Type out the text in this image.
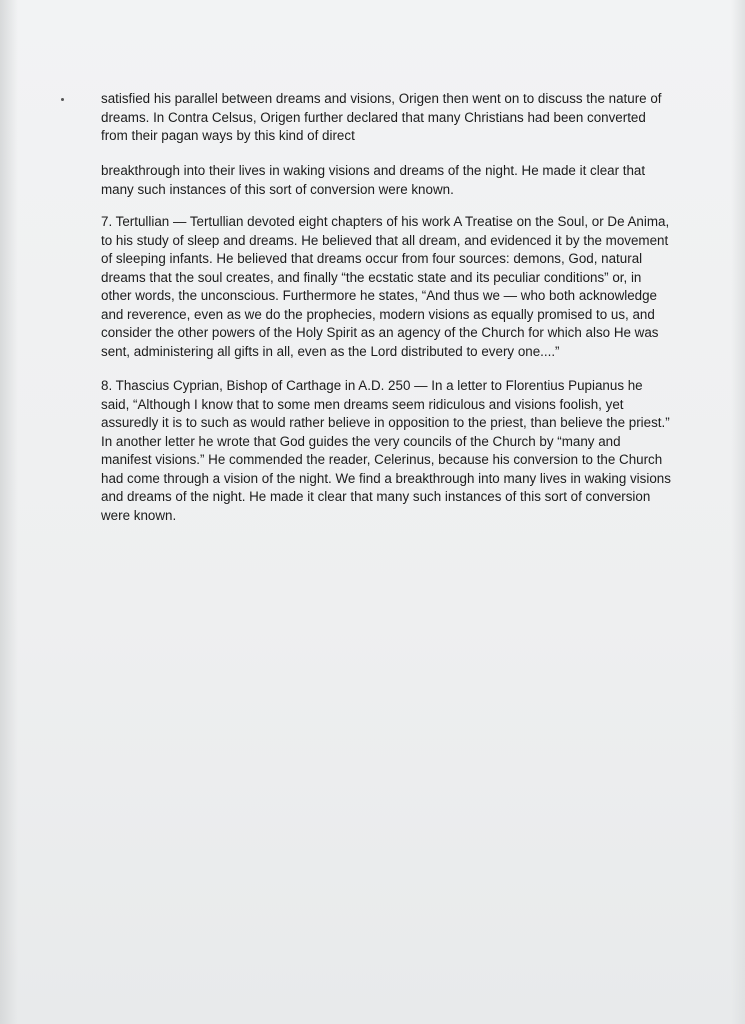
satisfied his parallel between dreams and visions, Origen then went on to discuss the nature of dreams. In Contra Celsus, Origen further declared that many Christians had been converted from their pagan ways by this kind of direct

breakthrough into their lives in waking visions and dreams of the night. He made it clear that many such instances of this sort of conversion were known.

7. Tertullian — Tertullian devoted eight chapters of his work A Treatise on the Soul, or De Anima, to his study of sleep and dreams. He believed that all dream, and evidenced it by the movement of sleeping infants. He believed that dreams occur from four sources: demons, God, natural dreams that the soul creates, and finally “the ecstatic state and its peculiar conditions” or, in other words, the unconscious. Furthermore he states, “And thus we — who both acknowledge and reverence, even as we do the prophecies, modern visions as equally promised to us, and consider the other powers of the Holy Spirit as an agency of the Church for which also He was sent, administering all gifts in all, even as the Lord distributed to every one....”

8. Thascius Cyprian, Bishop of Carthage in A.D. 250 — In a letter to Florentius Pupianus he said, “Although I know that to some men dreams seem ridiculous and visions foolish, yet assuredly it is to such as would rather believe in opposition to the priest, than believe the priest.” In another letter he wrote that God guides the very councils of the Church by “many and manifest visions.” He commended the reader, Celerinus, because his conversion to the Church had come through a vision of the night. We find a breakthrough into many lives in waking visions and dreams of the night. He made it clear that many such instances of this sort of conversion were known.
